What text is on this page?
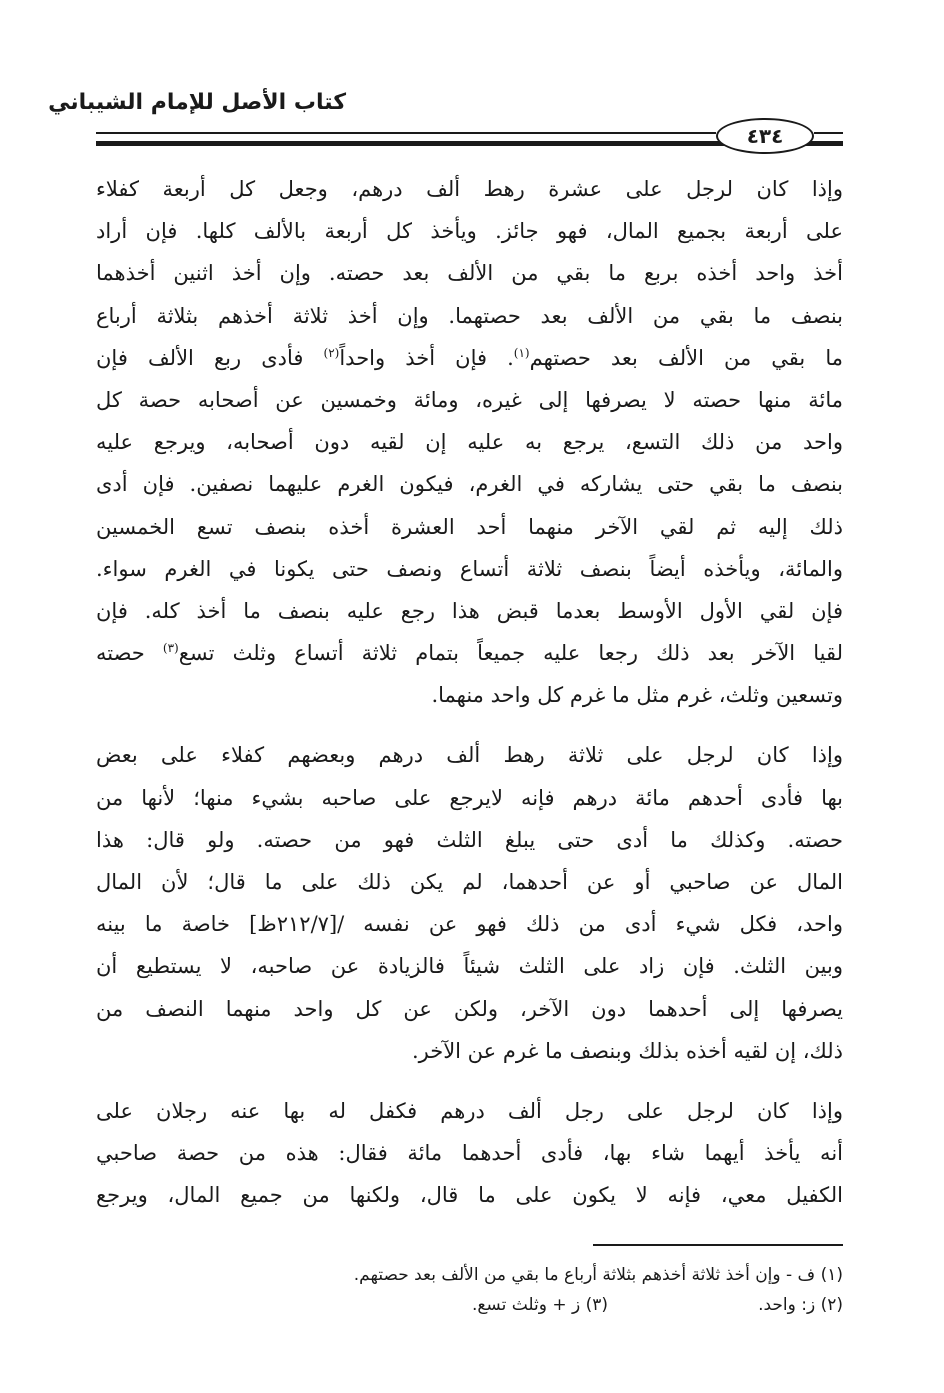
كتاب الأصل للإمام الشيباني
٤٣٤
وإذا كان لرجل على عشرة رهط ألف درهم، وجعل كل أربعة كفلاء
على أربعة بجميع المال، فهو جائز. ويأخذ كل أربعة بالألف كلها. فإن أراد
أخذ واحد أخذه بربع ما بقي من الألف بعد حصته. وإن أخذ اثنين أخذهما
بنصف ما بقي من الألف بعد حصتهما. وإن أخذ ثلاثة أخذهم بثلاثة أرباع
ما بقي من الألف بعد حصتهم$^{(١)}$. فإن أخذ واحداً$^{(٢)}$ فأدى ربع الألف فإن
مائة منها حصته لا يصرفها إلى غيره، ومائة وخمسين عن أصحابه حصة كل
واحد من ذلك التسع، يرجع به عليه إن لقيه دون أصحابه، ويرجع عليه
بنصف ما بقي حتى يشاركه في الغرم، فيكون الغرم عليهما نصفين. فإن أدى
ذلك إليه ثم لقي الآخر منهما أحد العشرة أخذه بنصف تسع الخمسين
والمائة، ويأخذه أيضاً بنصف ثلاثة أتساع ونصف حتى يكونا في الغرم سواء.
فإن لقي الأول الأوسط بعدما قبض هذا رجع عليه بنصف ما أخذ كله. فإن
لقيا الآخر بعد ذلك رجعا عليه جميعاً بتمام ثلاثة أتساع وثلث تسع$^{(٣)}$ حصته
وتسعين وثلث، غرم مثل ما غرم كل واحد منهما.
وإذا كان لرجل على ثلاثة رهط ألف درهم وبعضهم كفلاء على بعض
بها فأدى أحدهم مائة درهم فإنه لايرجع على صاحبه بشيء منها؛ لأنها من
حصته. وكذلك ما أدى حتى يبلغ الثلث فهو من حصته. ولو قال: هذا
المال عن صاحبي أو عن أحدهما، لم يكن ذلك على ما قال؛ لأن المال
واحد، فكل شيء أدى من ذلك فهو عن نفسه /[٢١٢/٧ظ] خاصة ما بينه
وبين الثلث. فإن زاد على الثلث شيئاً فالزيادة عن صاحبه، لا يستطيع أن
يصرفها إلى أحدهما دون الآخر، ولكن عن كل واحد منهما النصف من
ذلك، إن لقيه أخذه بذلك وبنصف ما غرم عن الآخر.
وإذا كان لرجل على رجل ألف درهم فكفل له بها عنه رجلان على
أنه يأخذ أيهما شاء بها، فأدى أحدهما مائة فقال: هذه من حصة صاحبي
الكفيل معي، فإنه لا يكون على ما قال، ولكنها من جميع المال، ويرجع
(١) ف - وإن أخذ ثلاثة أخذهم بثلاثة أرباع ما بقي من الألف بعد حصتهم.
(٢) ز: واحد.(٣) ز + وثلث تسع.
